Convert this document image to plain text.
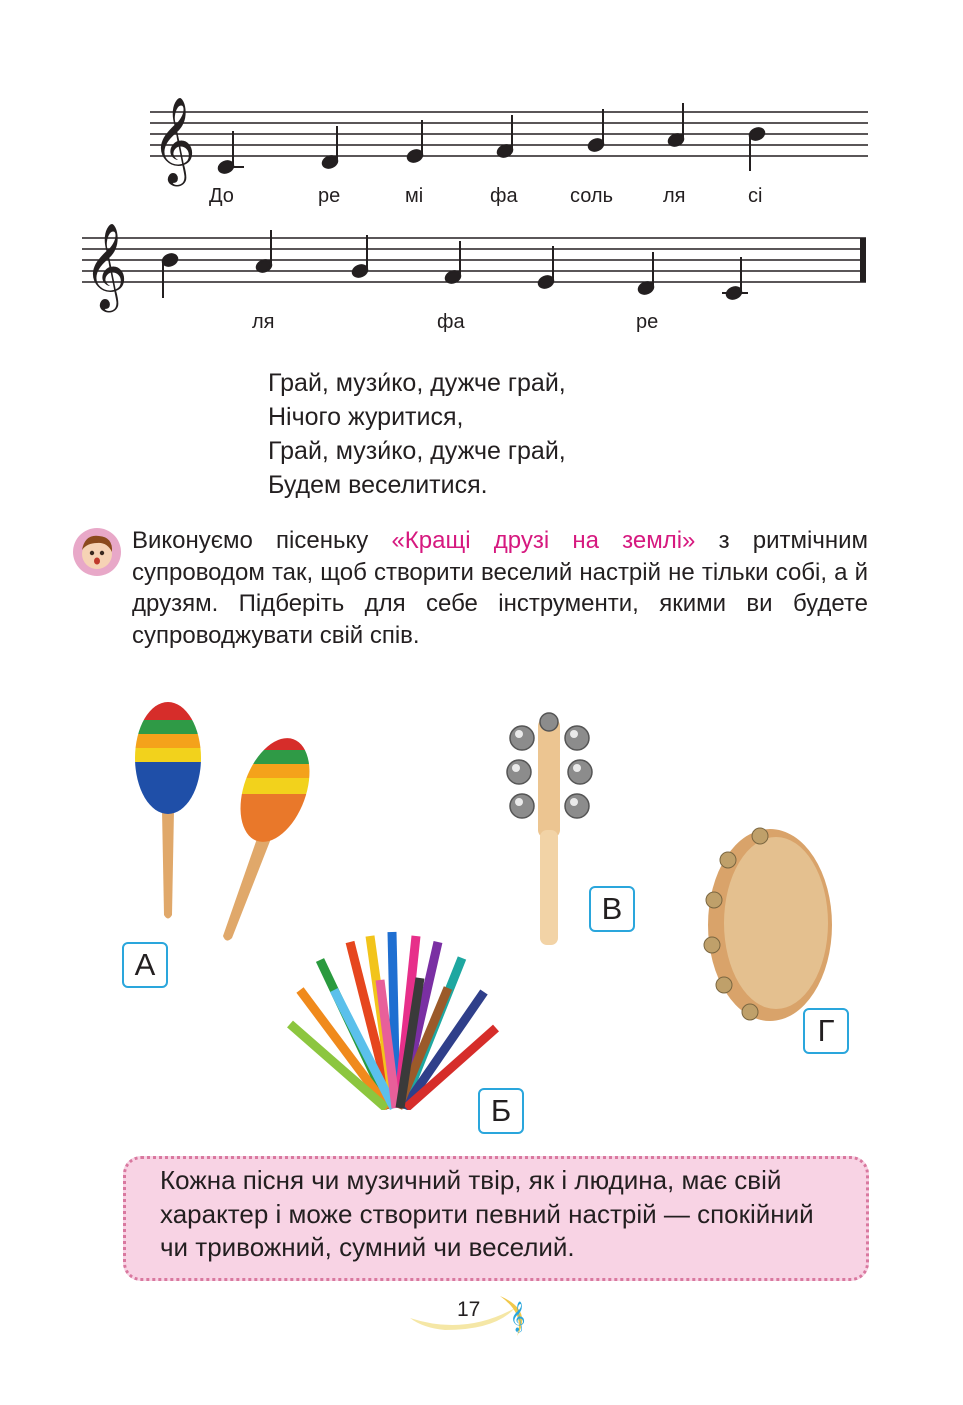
𝄞
До	ре	мі	фа	соль	ля	сі
𝄞
ля	фа	ре
Грай, музи́ко, дужче грай,
Нічого журитися,
Грай, музи́ко, дужче грай,
Будем веселитися.
Виконуємо пісеньку «Кращі друзі на землі» з ритмічним супроводом так, щоб створити веселий настрій не тільки собі, а й друзям. Підберіть для себе інструменти, якими ви будете супроводжувати свій спів.
А
В
Г
Б
Кожна пісня чи музичний твір, як і людина, має свій характер і може створити певний настрій — спокійний чи тривожний, сумний чи веселий.
17 𝄞
